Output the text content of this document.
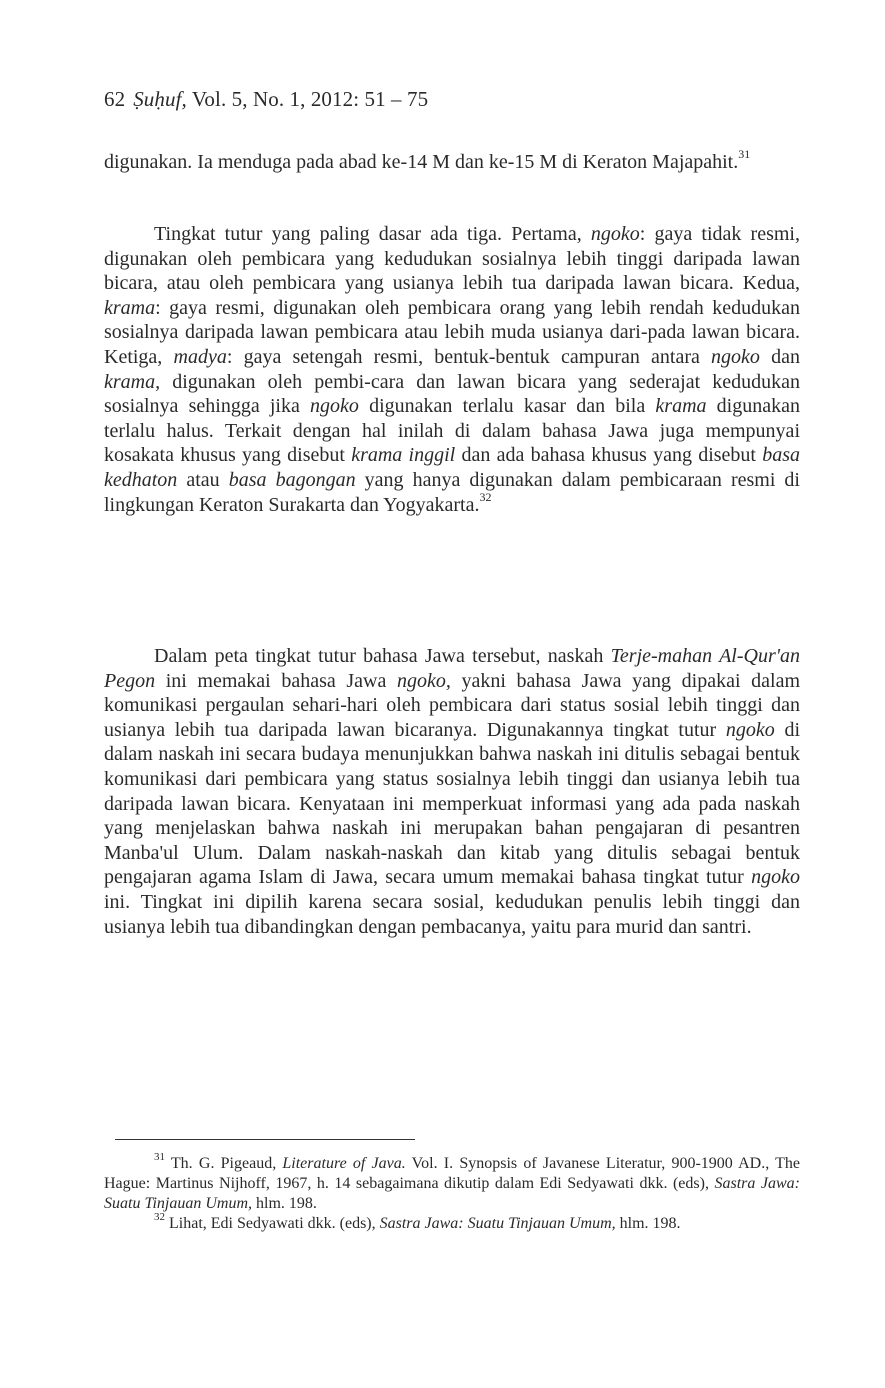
62 Ṣuḥuf, Vol. 5, No. 1, 2012: 51 – 75

digunakan. Ia menduga pada abad ke-14 M dan ke-15 M di Keraton Majapahit.$^{31}$

Tingkat tutur yang paling dasar ada tiga. Pertama, ngoko: gaya tidak resmi, digunakan oleh pembicara yang kedudukan sosialnya lebih tinggi daripada lawan bicara, atau oleh pembicara yang usianya lebih tua daripada lawan bicara. Kedua, krama: gaya resmi, digunakan oleh pembicara orang yang lebih rendah kedudukan sosialnya daripada lawan pembicara atau lebih muda usianya dari-pada lawan bicara. Ketiga, madya: gaya setengah resmi, bentuk-bentuk campuran antara ngoko dan krama, digunakan oleh pembi-cara dan lawan bicara yang sederajat kedudukan sosialnya sehingga jika ngoko digunakan terlalu kasar dan bila krama digunakan terlalu halus. Terkait dengan hal inilah di dalam bahasa Jawa juga mempunyai kosakata khusus yang disebut krama inggil dan ada bahasa khusus yang disebut basa kedhaton atau basa bagongan yang hanya digunakan dalam pembicaraan resmi di lingkungan Keraton Surakarta dan Yogyakarta.$^{32}$

Dalam peta tingkat tutur bahasa Jawa tersebut, naskah Terje-mahan Al-Qur'an Pegon ini memakai bahasa Jawa ngoko, yakni bahasa Jawa yang dipakai dalam komunikasi pergaulan sehari-hari oleh pembicara dari status sosial lebih tinggi dan usianya lebih tua daripada lawan bicaranya. Digunakannya tingkat tutur ngoko di dalam naskah ini secara budaya menunjukkan bahwa naskah ini ditulis sebagai bentuk komunikasi dari pembicara yang status sosialnya lebih tinggi dan usianya lebih tua daripada lawan bicara. Kenyataan ini memperkuat informasi yang ada pada naskah yang menjelaskan bahwa naskah ini merupakan bahan pengajaran di pesantren Manba'ul Ulum. Dalam naskah-naskah dan kitab yang ditulis sebagai bentuk pengajaran agama Islam di Jawa, secara umum memakai bahasa tingkat tutur ngoko ini. Tingkat ini dipilih karena secara sosial, kedudukan penulis lebih tinggi dan usianya lebih tua dibandingkan dengan pembacanya, yaitu para murid dan santri.

$^{31}$ Th. G. Pigeaud, Literature of Java. Vol. I. Synopsis of Javanese Literatur, 900-1900 AD., The Hague: Martinus Nijhoff, 1967, h. 14 sebagaimana dikutip dalam Edi Sedyawati dkk. (eds), Sastra Jawa: Suatu Tinjauan Umum, hlm. 198.

$^{32}$ Lihat, Edi Sedyawati dkk. (eds), Sastra Jawa: Suatu Tinjauan Umum, hlm. 198.
